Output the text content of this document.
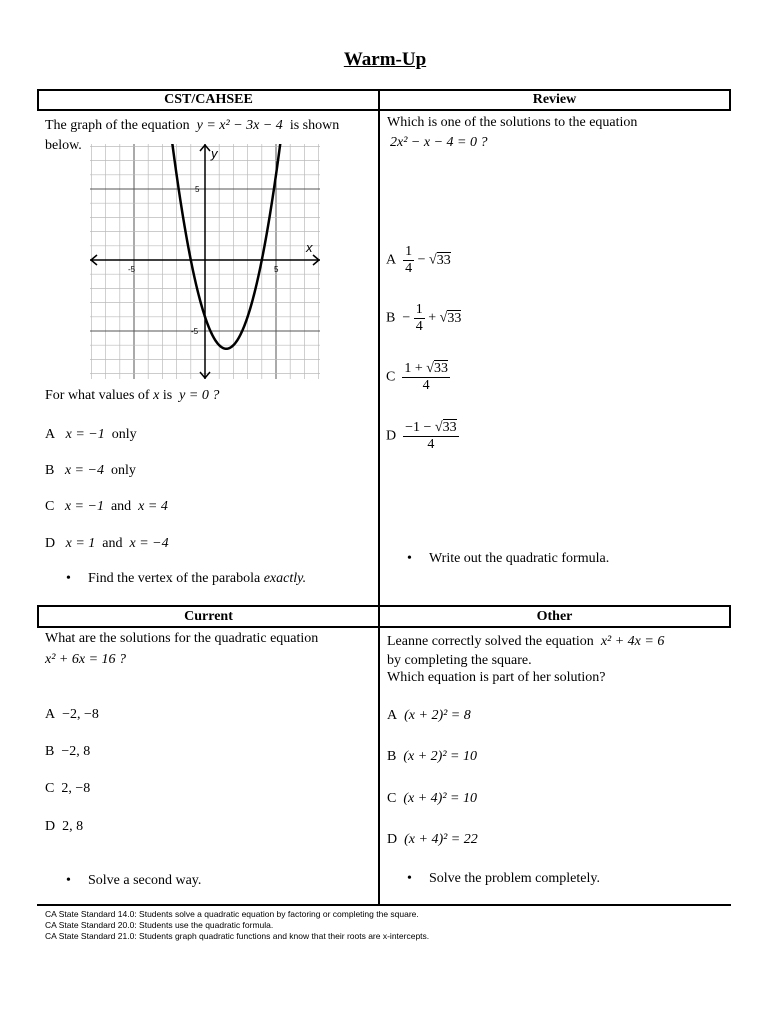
Warm-Up
CST/CAHSEE	Review
Current	Other
The graph of the equation y = x² − 3x − 4 is shown
below.
x
y
-5	5
5
-5
For what values of x is y = 0 ?
A x = −1 only
B x = −4 only
C x = −1 and x = 4
D x = 1 and x = −4
• Find the vertex of the parabola exactly.
Which is one of the solutions to the equation
2x² − x − 4 = 0 ?
A $\frac{1}{4} - √33$
$B - \frac{1}{4} + √33$
C $\frac{1 + √33}{4}$
D $\frac{-1 - √33}{4}$
• Write out the quadratic formula.
What are the solutions for the quadratic equation
x² + 6x = 16 ?
A −2, −8
B −2, 8
C 2, −8
D 2, 8
• Solve a second way.
Leanne correctly solved the equation x² + 4x = 6
by completing the square.
Which equation is part of her solution?
A (x + 2)² = 8
B (x + 2)² = 10
C (x + 4)² = 10
D (x + 4)² = 22
• Solve the problem completely.
CA State Standard 14.0: Students solve a quadratic equation by factoring or completing the square.
CA State Standard 20.0: Students use the quadratic formula.
CA State Standard 21.0: Students graph quadratic functions and know that their roots are x-intercepts.
